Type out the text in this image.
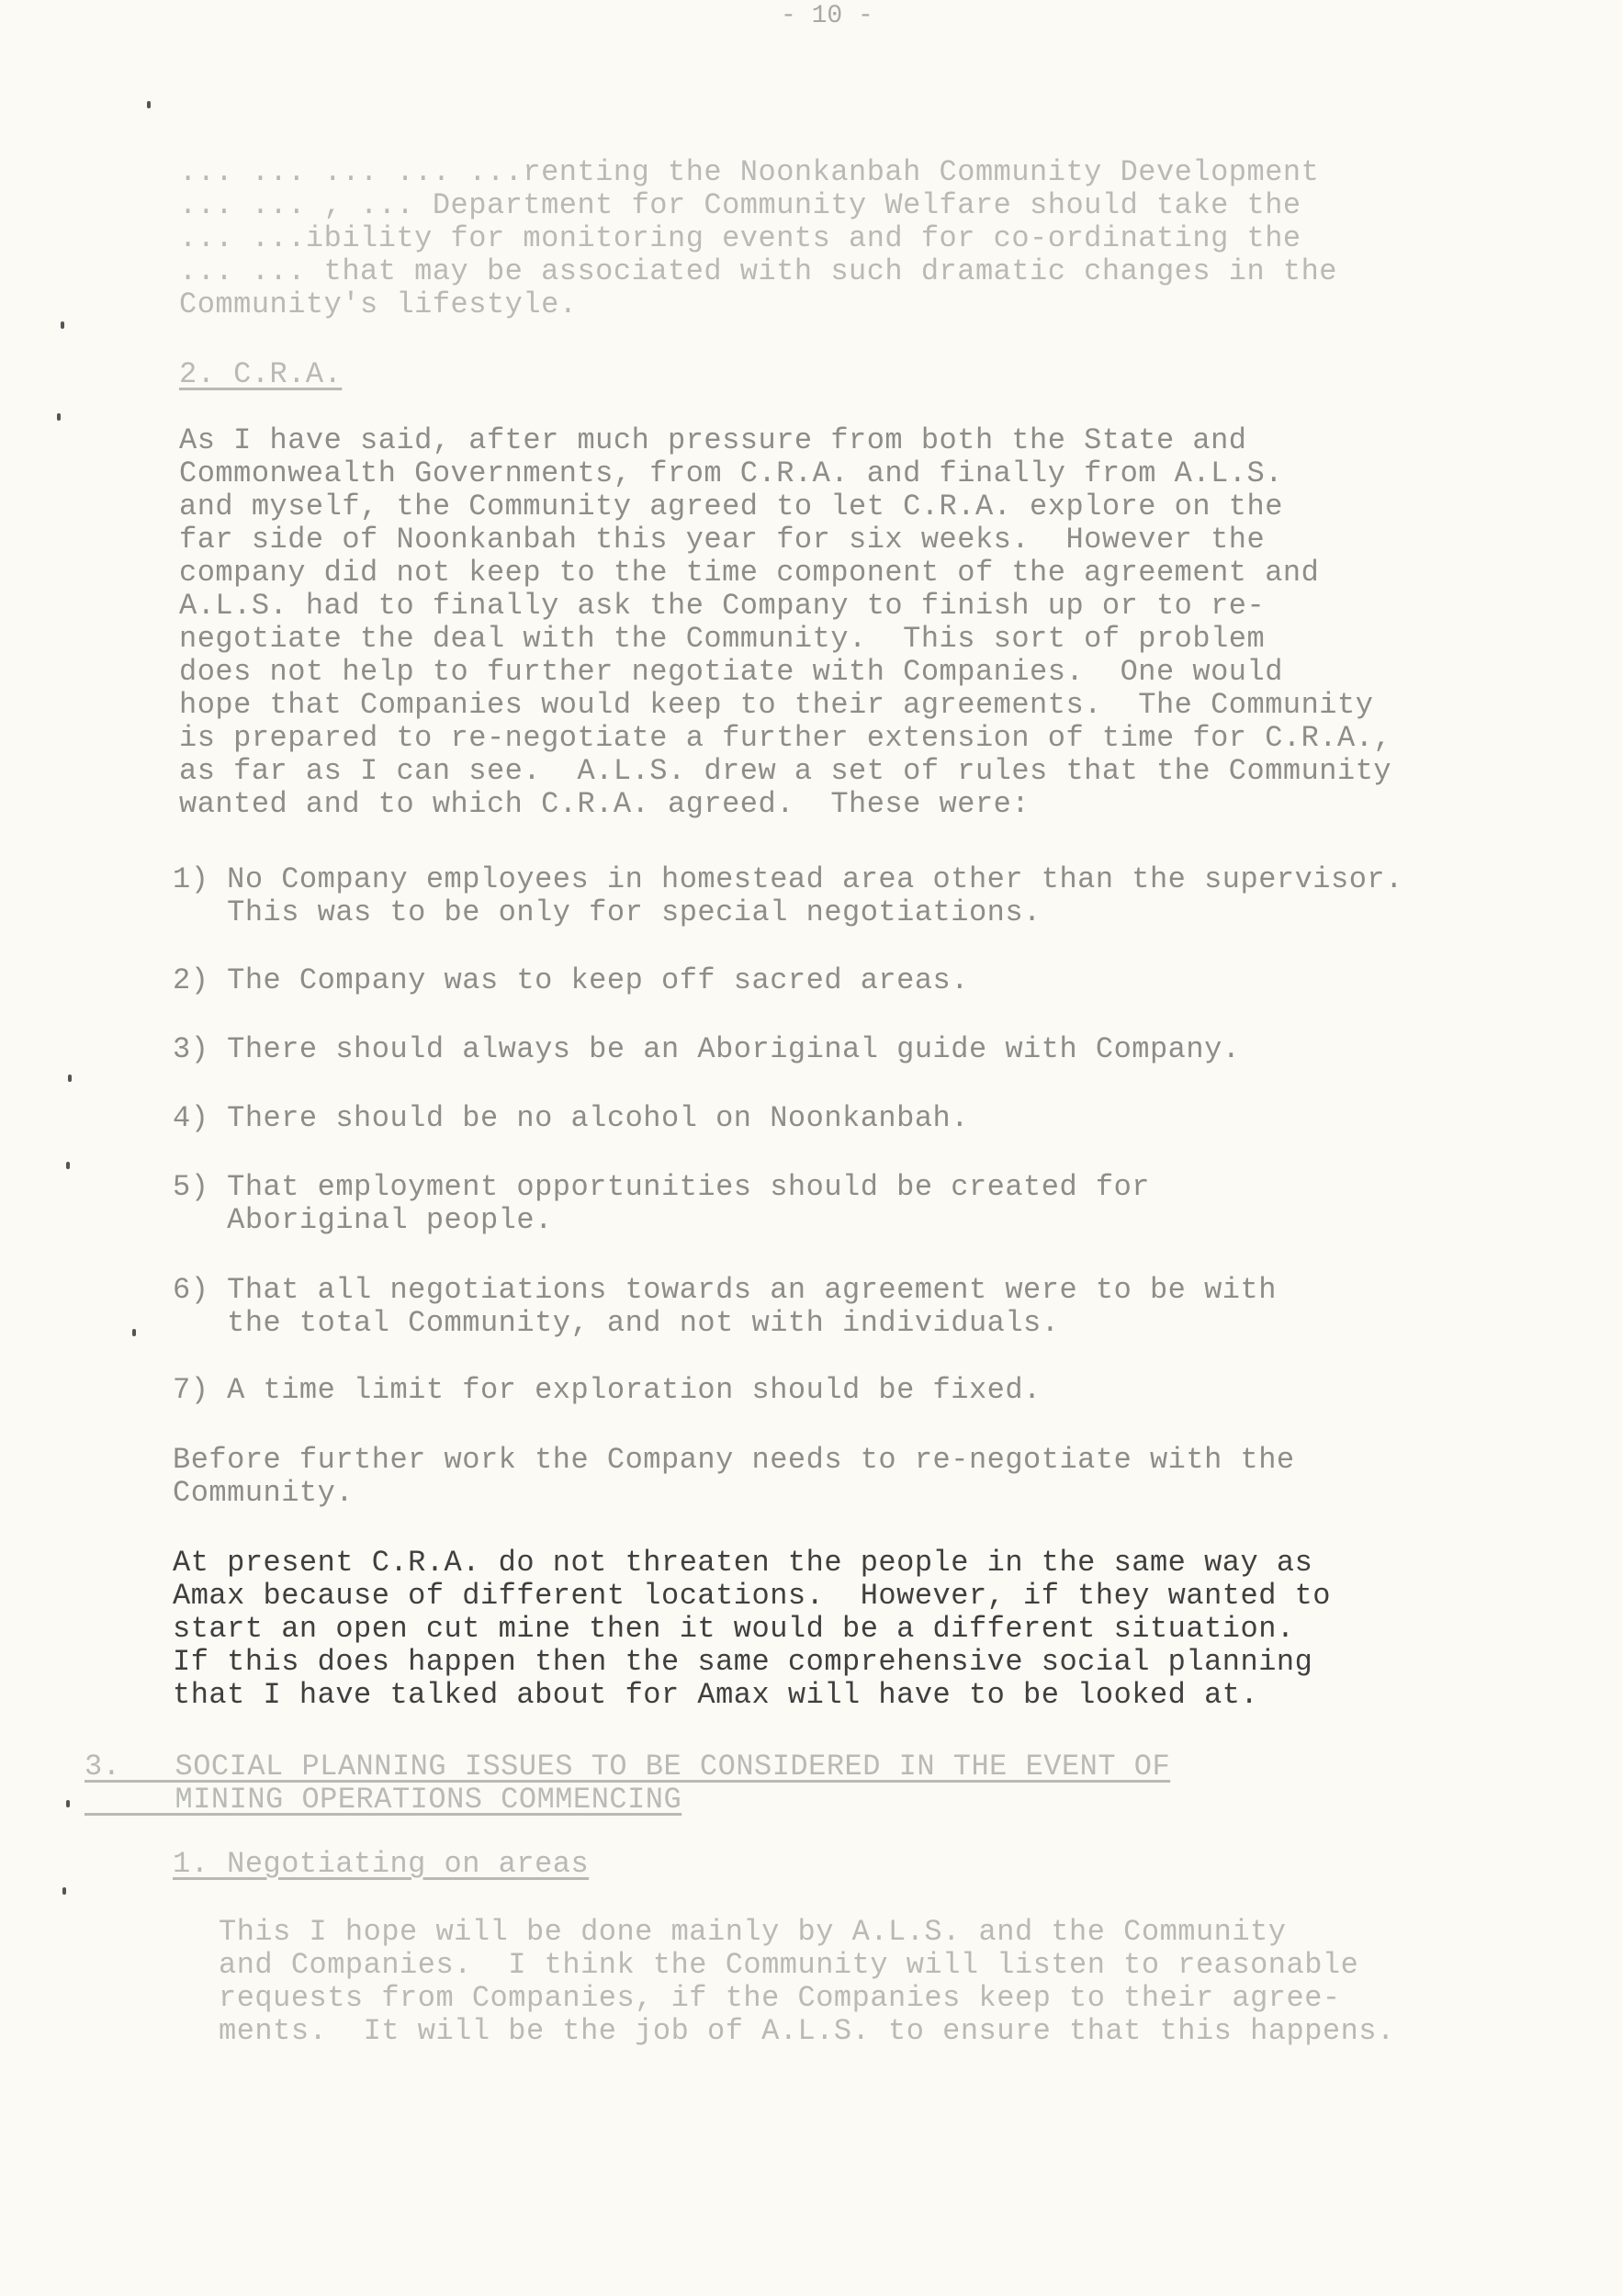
- 10 -
... ... ... ... ...renting the Noonkanbah Community Development
... ... , ... Department for Community Welfare should take the
... ...ibility for monitoring events and for co-ordinating the
... ... that may be associated with such dramatic changes in the
Community's lifestyle.
2. C.R.A.
As I have said, after much pressure from both the State and
Commonwealth Governments, from C.R.A. and finally from A.L.S.
and myself, the Community agreed to let C.R.A. explore on the
far side of Noonkanbah this year for six weeks.  However the
company did not keep to the time component of the agreement and
A.L.S. had to finally ask the Company to finish up or to re-
negotiate the deal with the Community.  This sort of problem
does not help to further negotiate with Companies.  One would
hope that Companies would keep to their agreements.  The Community
is prepared to re-negotiate a further extension of time for C.R.A.,
as far as I can see.  A.L.S. drew a set of rules that the Community
wanted and to which C.R.A. agreed.  These were:
1) No Company employees in homestead area other than the supervisor.
This was to be only for special negotiations.
2) The Company was to keep off sacred areas.
3) There should always be an Aboriginal guide with Company.
4) There should be no alcohol on Noonkanbah.
5) That employment opportunities should be created for
Aboriginal people.
6) That all negotiations towards an agreement were to be with
the total Community, and not with individuals.
7) A time limit for exploration should be fixed.
Before further work the Company needs to re-negotiate with the
Community.
At present C.R.A. do not threaten the people in the same way as
Amax because of different locations.  However, if they wanted to
start an open cut mine then it would be a different situation.
If this does happen then the same comprehensive social planning
that I have talked about for Amax will have to be looked at.
3.   SOCIAL PLANNING ISSUES TO BE CONSIDERED IN THE EVENT OF
MINING OPERATIONS COMMENCING
1. Negotiating on areas
This I hope will be done mainly by A.L.S. and the Community
and Companies.  I think the Community will listen to reasonable
requests from Companies, if the Companies keep to their agree-
ments.  It will be the job of A.L.S. to ensure that this happens.
